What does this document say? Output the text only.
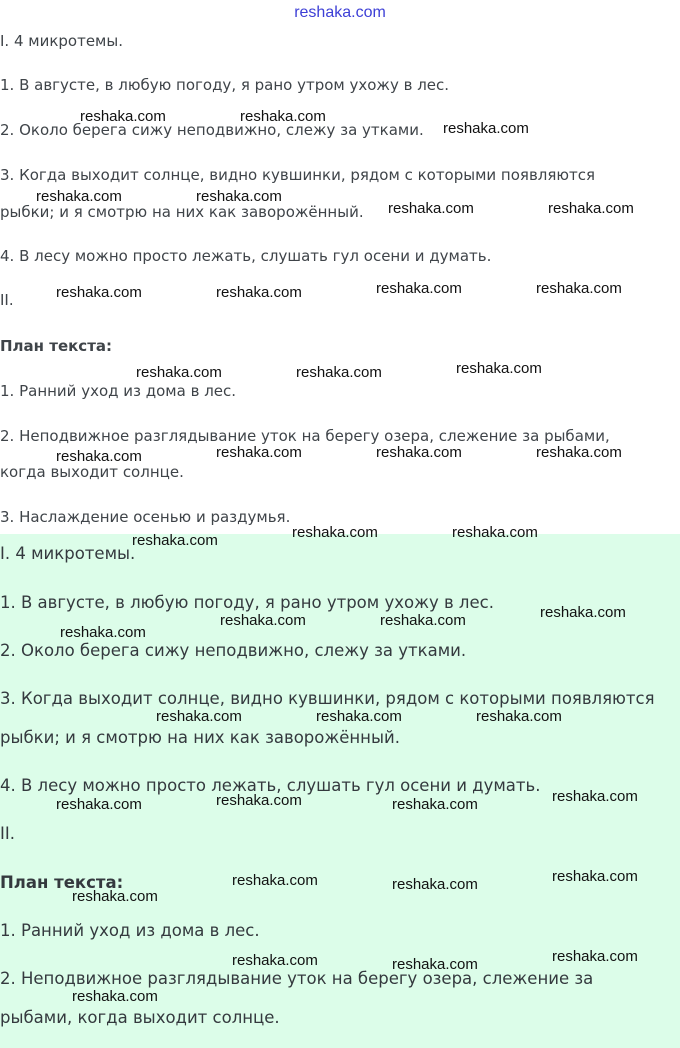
reshaka.com

I. 4 микротемы.

1. В августе, в любую погоду, я рано утром ухожу в лес.

2. Около берега сижу неподвижно, слежу за утками.

3. Когда выходит солнце, видно кувшинки, рядом с которыми появляются

рыбки; и я смотрю на них как заворожённый.

4. В лесу можно просто лежать, слушать гул осени и думать.

II.

План текста:

1. Ранний уход из дома в лес.

2. Неподвижное разглядывание уток на берегу озера, слежение за рыбами,

когда выходит солнце.

3. Наслаждение осенью и раздумья.

I. 4 микротемы.

1. В августе, в любую погоду, я рано утром ухожу в лес.

2. Около берега сижу неподвижно, слежу за утками.

3. Когда выходит солнце, видно кувшинки, рядом с которыми появляются

рыбки; и я смотрю на них как заворожённый.

4. В лесу можно просто лежать, слушать гул осени и думать.

II.

План текста:

1. Ранний уход из дома в лес.

2. Неподвижное разглядывание уток на берегу озера, слежение за

рыбами, когда выходит солнце.

reshaka.com	reshaka.com
reshaka.com
reshaka.com	reshaka.com
reshaka.com	reshaka.com
reshaka.com	reshaka.com	reshaka.com	reshaka.com
reshaka.com	reshaka.com	reshaka.com
reshaka.com	reshaka.com	reshaka.com	reshaka.com
reshaka.com	reshaka.com	reshaka.com
reshaka.com
reshaka.com	reshaka.com
reshaka.com
reshaka.com	reshaka.com	reshaka.com
reshaka.com
reshaka.com
reshaka.com	reshaka.com
reshaka.com
reshaka.com	reshaka.com
reshaka.com
reshaka.com
reshaka.com	reshaka.com
reshaka.com
